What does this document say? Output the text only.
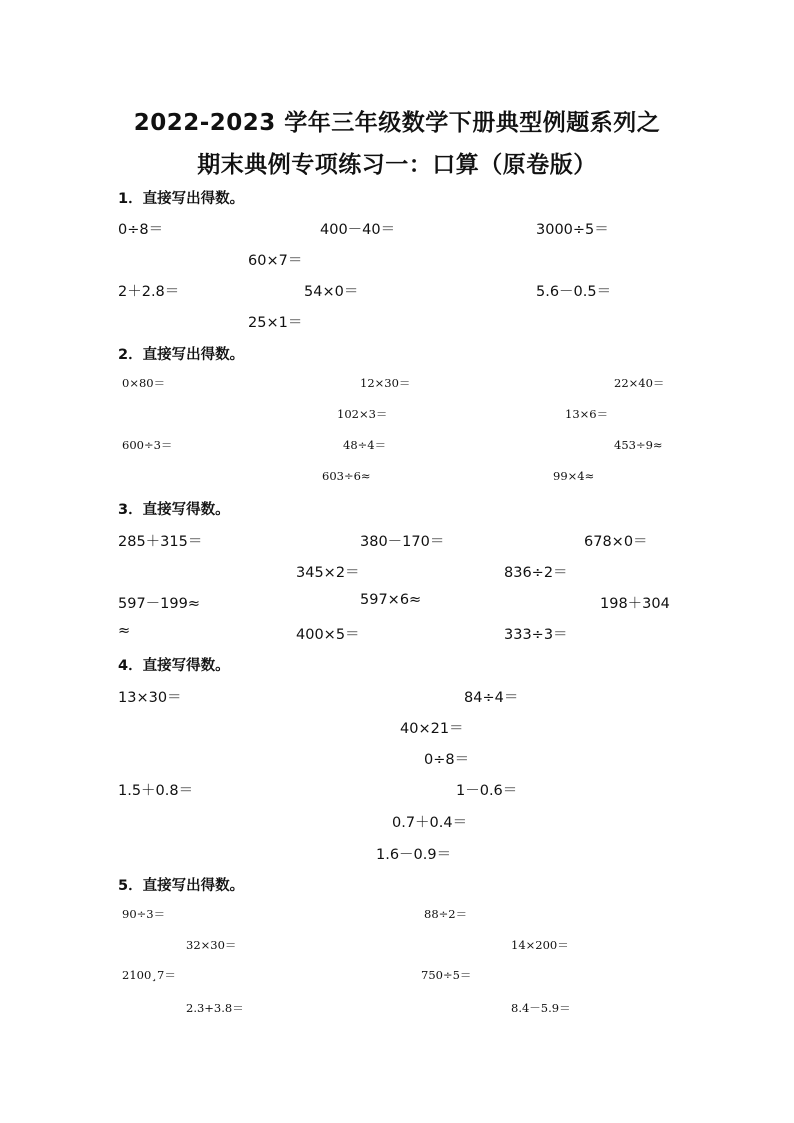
2022-2023 学年三年级数学下册典型例题系列之
期末典例专项练习一：口算（原卷版）
1．直接写出得数。
0÷8＝	400－40＝	3000÷5＝
60×7＝
2＋2.8＝	54×0＝	5.6－0.5＝
25×1＝
2．直接写出得数。
0×80＝	12×30＝	22×40＝
102×3＝	13×6＝
600÷3＝	48÷4＝	453÷9≈
603÷6≈	99×4≈
3．直接写得数。
285＋315＝	380－170＝	678×0＝
345×2＝	836÷2＝
597－199≈	597×6≈	198＋304
≈	400×5＝	333÷3＝
4．直接写得数。
13×30＝	84÷4＝
40×21＝
0÷8＝
1.5＋0.8＝	1－0.6＝
0.7＋0.4＝
1.6－0.9＝
5．直接写出得数。
90÷3＝	88÷2＝
32×30＝	14×200＝
2100¸7＝	750÷5＝
2.3+3.8＝	8.4－5.9＝
